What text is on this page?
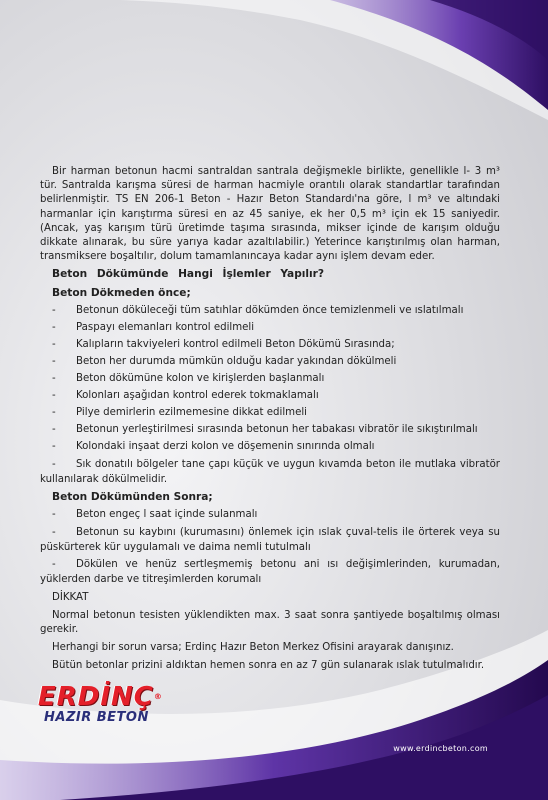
Bir harman betonun hacmi santraldan santrala değişmekle birlikte, genellikle l- 3 m³ tür. Santralda karışma süresi de harman hacmiyle orantılı olarak standartlar tarafından belirlenmiştir. TS EN 206-1 Beton - Hazır Beton Standardı'na göre, l m³ ve altındaki harmanlar için karıştırma süresi en az 45 saniye, ek her 0,5 m³ için ek 15 saniyedir. (Ancak, yaş karışım türü üretimde taşıma sırasında, mikser içinde de karışım olduğu dikkate alınarak, bu süre yarıya kadar azaltılabilir.) Yeterince karıştırılmış olan harman, transmiksere boşaltılır, dolum tamamlanıncaya kadar aynı işlem devam eder.

Beton Dökümünde Hangi İşlemler Yapılır?
Beton Dökmeden önce;
-	Betonun döküleceği tüm satıhlar dökümden önce temizlenmeli ve ıslatılmalı
-	Paspayı elemanları kontrol edilmeli
-	Kalıpların takviyeleri kontrol edilmeli Beton Dökümü Sırasında;
-	Beton her durumda mümkün olduğu kadar yakından dökülmeli
-	Beton dökümüne kolon ve kirişlerden başlanmalı
-	Kolonları aşağıdan kontrol ederek tokmaklamalı
-	Pilye demirlerin ezilmemesine dikkat edilmeli
-	Betonun yerleştirilmesi sırasında betonun her tabakası vibratör ile sıkıştırılmalı
-	Kolondaki inşaat derzi kolon ve döşemenin sınırında olmalı
- Sık donatılı bölgeler tane çapı küçük ve uygun kıvamda beton ile mutlaka vibratör kullanılarak dökülmelidir.
Beton Dökümünden Sonra;
-	Beton engeç l saat içinde sulanmalı
- Betonun su kaybını (kurumasını) önlemek için ıslak çuval-telis ile örterek veya su püskürterek kür uygulamalı ve daima nemli tutulmalı
- Dökülen ve henüz sertleşmemiş betonu ani ısı değişimlerinden, kurumadan, yüklerden darbe ve titreşimlerden korumalı
DİKKAT
Normal betonun tesisten yüklendikten max. 3 saat sonra şantiyede boşaltılmış olması gerekir.
Herhangi bir sorun varsa; Erdinç Hazır Beton Merkez Ofisini arayarak danışınız.
Bütün betonlar prizini aldıktan hemen sonra en az 7 gün sulanarak ıslak tutulmalıdır.
ERDİNÇ®
HAZIR BETON
www.erdincbeton.com
